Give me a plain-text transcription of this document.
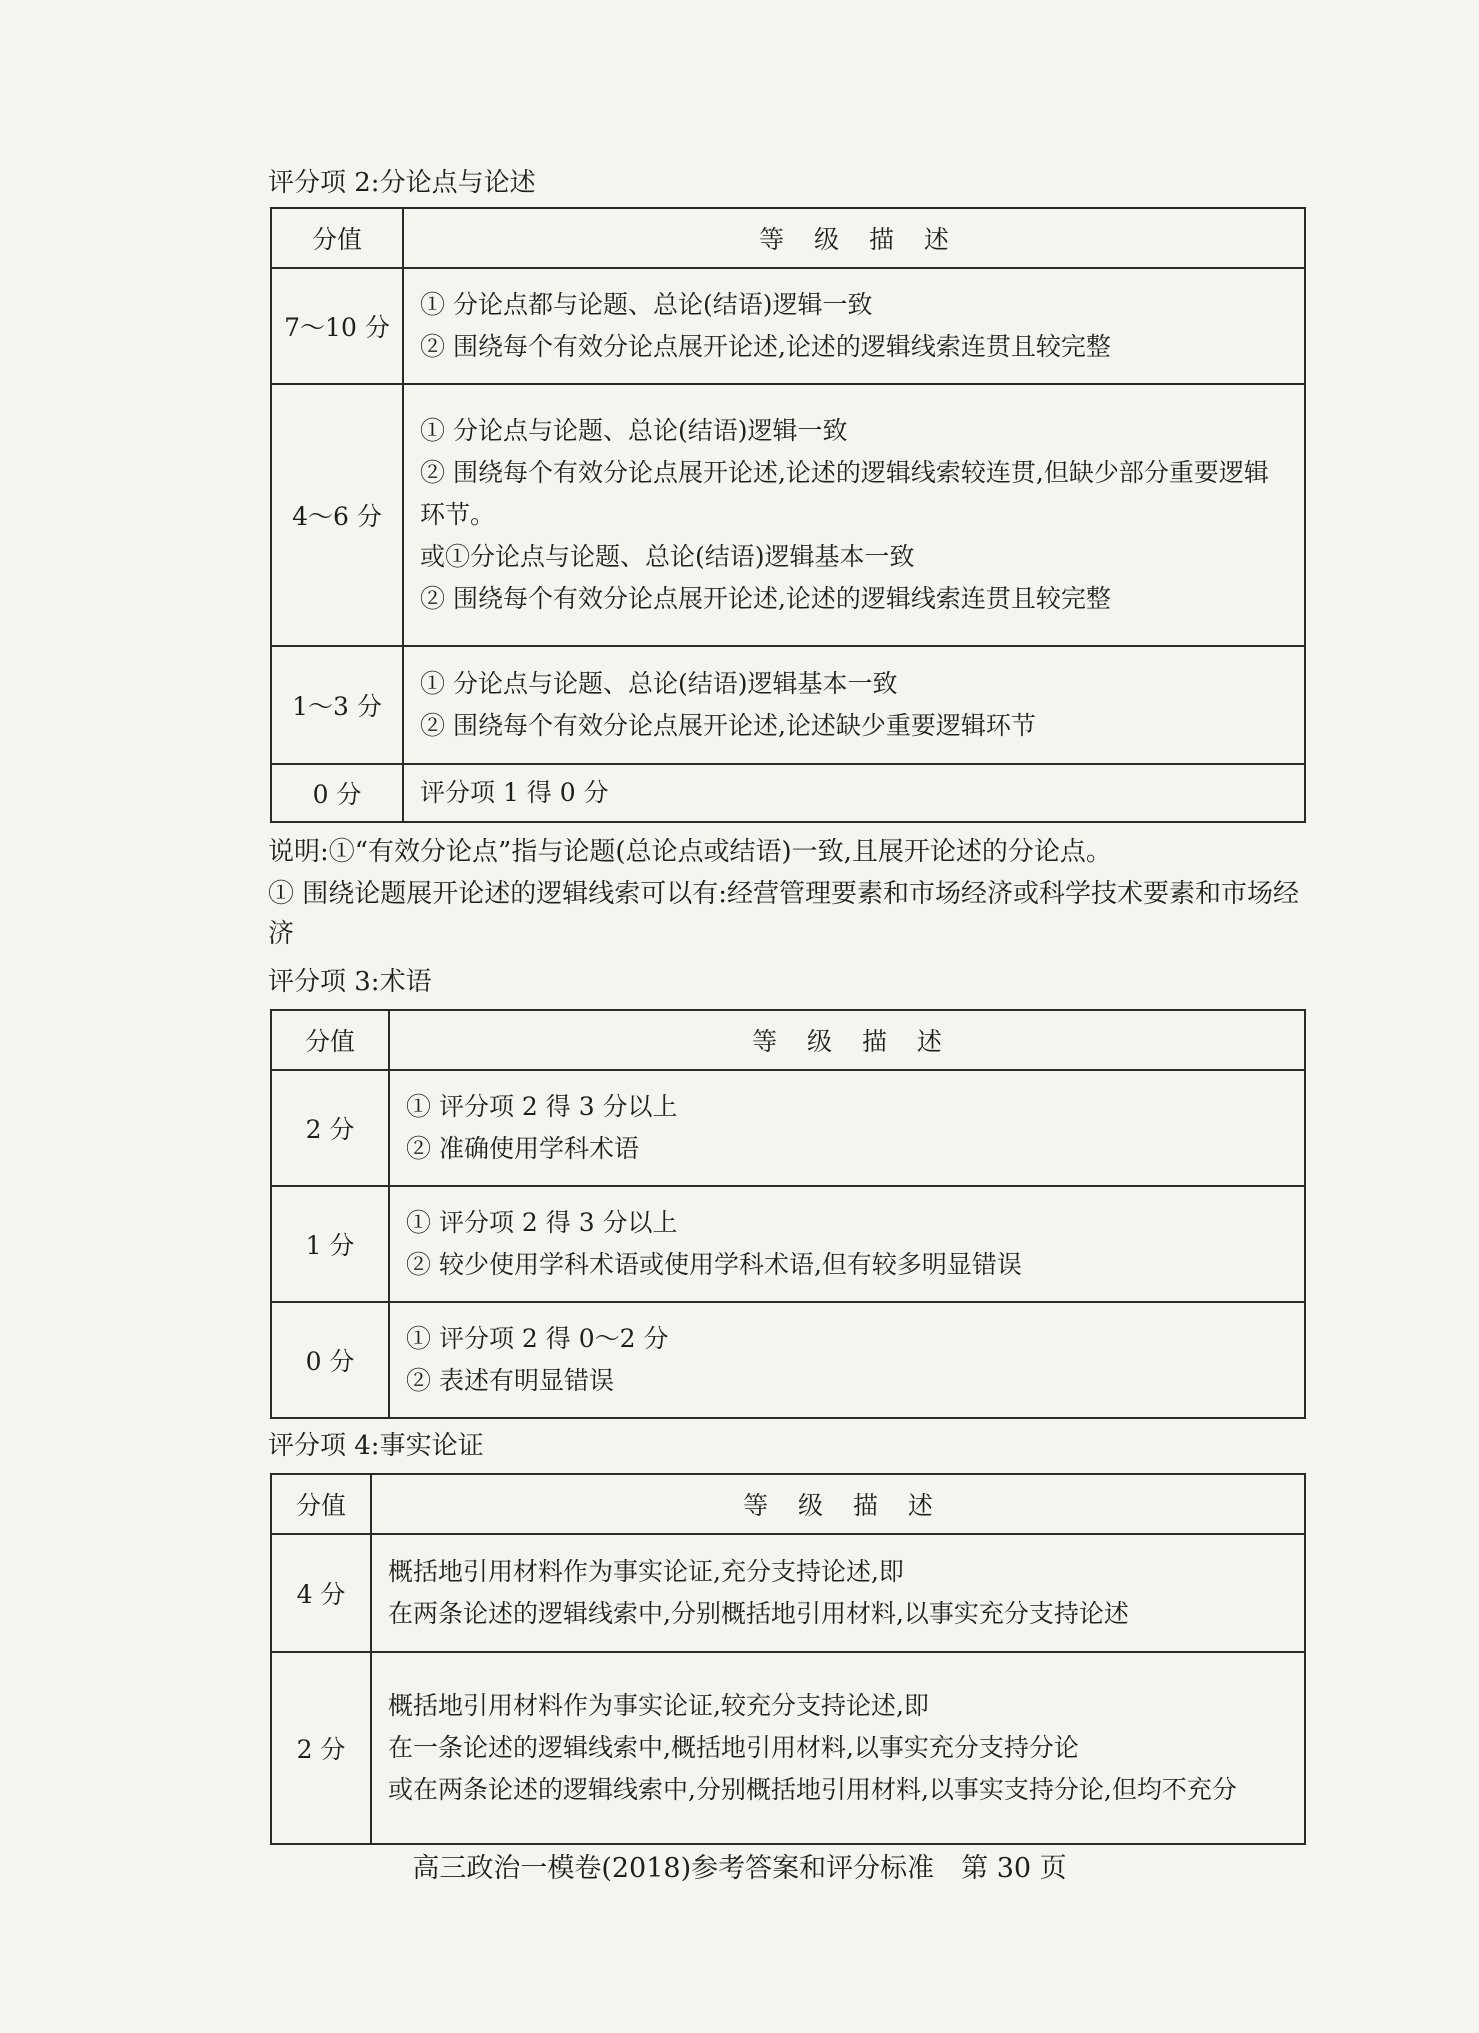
评分项 2:分论点与论述
分值	等 级 描 述
7～10 分	① 分论点都与论题、总论(结语)逻辑一致
② 围绕每个有效分论点展开论述,论述的逻辑线索连贯且较完整

4～6 分	① 分论点与论题、总论(结语)逻辑一致
② 围绕每个有效分论点展开论述,论述的逻辑线索较连贯,但缺少部分重要逻辑环节。
或①分论点与论题、总论(结语)逻辑基本一致
② 围绕每个有效分论点展开论述,论述的逻辑线索连贯且较完整

1～3 分	① 分论点与论题、总论(结语)逻辑基本一致
② 围绕每个有效分论点展开论述,论述缺少重要逻辑环节

0 分	评分项 1 得 0 分
说明:①“有效分论点”指与论题(总论点或结语)一致,且展开论述的分论点。
① 围绕论题展开论述的逻辑线索可以有:经营管理要素和市场经济或科学技术要素和市场经济
评分项 3:术语
分值	等 级 描 述
2 分	① 评分项 2 得 3 分以上
② 准确使用学科术语

1 分	① 评分项 2 得 3 分以上
② 较少使用学科术语或使用学科术语,但有较多明显错误

0 分	① 评分项 2 得 0～2 分
② 表述有明显错误
评分项 4:事实论证
分值	等 级 描 述
4 分	概括地引用材料作为事实论证,充分支持论述,即
在两条论述的逻辑线索中,分别概括地引用材料,以事实充分支持论述

2 分	概括地引用材料作为事实论证,较充分支持论述,即
在一条论述的逻辑线索中,概括地引用材料,以事实充分支持分论
或在两条论述的逻辑线索中,分别概括地引用材料,以事实支持分论,但均不充分
高三政治一模卷(2018)参考答案和评分标准　第 30 页
